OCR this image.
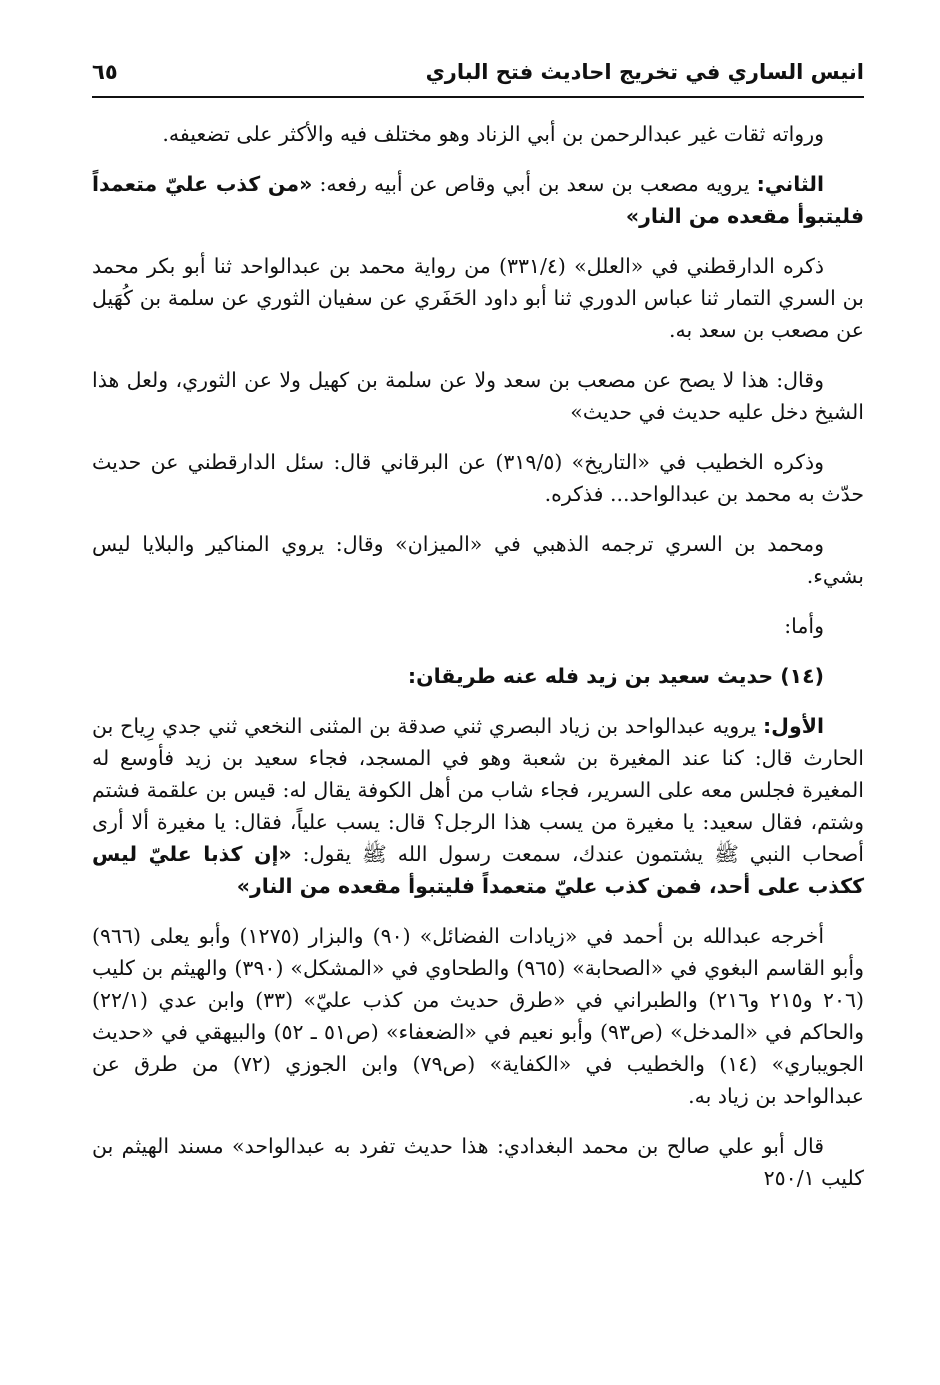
انيس الساري في تخريج احاديث فتح الباري
٦٥

ورواته ثقات غير عبدالرحمن بن أبي الزناد وهو مختلف فيه والأكثر على تضعيفه.

الثاني: يرويه مصعب بن سعد بن أبي وقاص عن أبيه رفعه: «من كذب عليّ متعمداً فليتبوأ مقعده من النار»

ذكره الدارقطني في «العلل» (٣٣١/٤) من رواية محمد بن عبدالواحد ثنا أبو بكر محمد بن السري التمار ثنا عباس الدوري ثنا أبو داود الحَفَري عن سفيان الثوري عن سلمة بن كُهَيل عن مصعب بن سعد به.

وقال: هذا لا يصح عن مصعب بن سعد ولا عن سلمة بن كهيل ولا عن الثوري، ولعل هذا الشيخ دخل عليه حديث في حديث»

وذكره الخطيب في «التاريخ» (٣١٩/٥) عن البرقاني قال: سئل الدارقطني عن حديث حدّث به محمد بن عبدالواحد... فذكره.

ومحمد بن السري ترجمه الذهبي في «الميزان» وقال: يروي المناكير والبلايا ليس بشيء.

وأما:

(١٤) حديث سعيد بن زيد فله عنه طريقان:

الأول: يرويه عبدالواحد بن زياد البصري ثني صدقة بن المثنى النخعي ثني جدي رِياح بن الحارث قال: كنا عند المغيرة بن شعبة وهو في المسجد، فجاء سعيد بن زيد فأوسع له المغيرة فجلس معه على السرير، فجاء شاب من أهل الكوفة يقال له: قيس بن علقمة فشتم وشتم، فقال سعيد: يا مغيرة من يسب هذا الرجل؟ قال: يسب علياً، فقال: يا مغيرة ألا أرى أصحاب النبي ﷺ يشتمون عندك، سمعت رسول الله ﷺ يقول: «إن كذبا عليّ ليس ككذب على أحد، فمن كذب عليّ متعمداً فليتبوأ مقعده من النار»

أخرجه عبدالله بن أحمد في «زيادات الفضائل» (٩٠) والبزار (١٢٧٥) وأبو يعلى (٩٦٦) وأبو القاسم البغوي في «الصحابة» (٩٦٥) والطحاوي في «المشكل» (٣٩٠) والهيثم بن كليب (٢٠٦ و٢١٥ و٢١٦) والطبراني في «طرق حديث من كذب عليّ» (٣٣) وابن عدي (٢٢/١) والحاكم في «المدخل» (ص٩٣) وأبو نعيم في «الضعفاء» (ص٥١ ـ ٥٢) والبيهقي في «حديث الجويباري» (١٤) والخطيب في «الكفاية» (ص٧٩) وابن الجوزي (٧٢) من طرق عن عبدالواحد بن زياد به.

قال أبو علي صالح بن محمد البغدادي: هذا حديث تفرد به عبدالواحد» مسند الهيثم بن كليب ٢٥٠/١
